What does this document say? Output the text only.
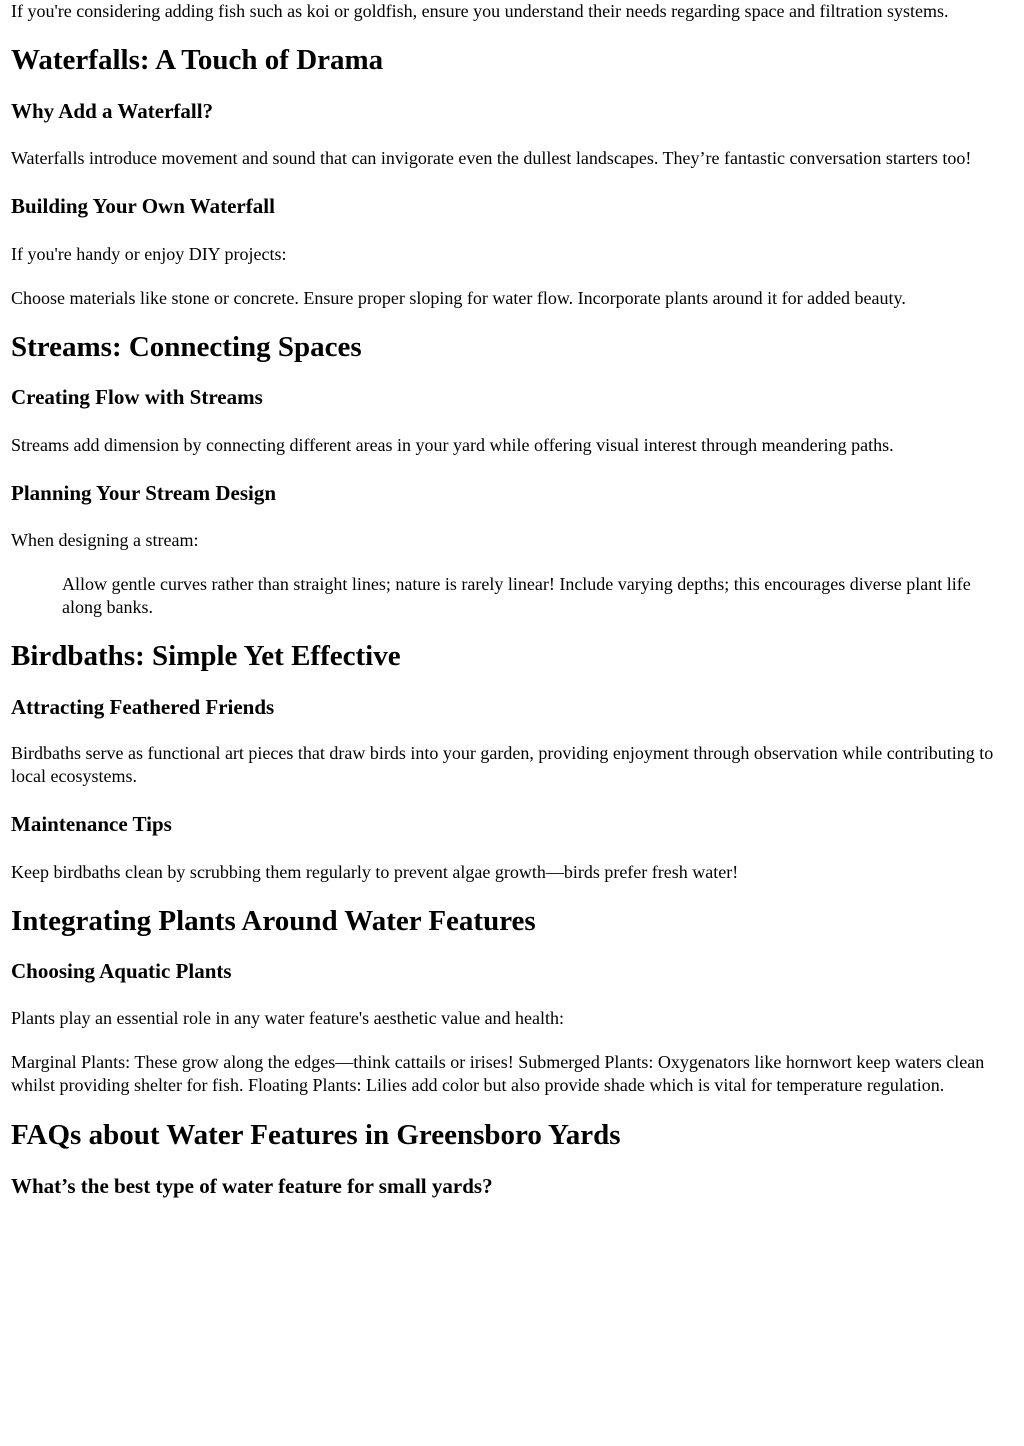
If you're considering adding fish such as koi or goldfish, ensure you understand their needs regarding space and filtration systems.

Waterfalls: A Touch of Drama
Why Add a Waterfall?

Waterfalls introduce movement and sound that can invigorate even the dullest landscapes. They’re fantastic conversation starters too!

Building Your Own Waterfall

If you're handy or enjoy DIY projects:

Choose materials like stone or concrete. Ensure proper sloping for water flow. Incorporate plants around it for added beauty.

Streams: Connecting Spaces
Creating Flow with Streams

Streams add dimension by connecting different areas in your yard while offering visual interest through meandering paths.

Planning Your Stream Design

When designing a stream:

Allow gentle curves rather than straight lines; nature is rarely linear! Include varying depths; this encourages diverse plant life along banks.
Birdbaths: Simple Yet Effective
Attracting Feathered Friends

Birdbaths serve as functional art pieces that draw birds into your garden, providing enjoyment through observation while contributing to local ecosystems.

Maintenance Tips

Keep birdbaths clean by scrubbing them regularly to prevent algae growth—birds prefer fresh water!

Integrating Plants Around Water Features
Choosing Aquatic Plants

Plants play an essential role in any water feature's aesthetic value and health:

Marginal Plants: These grow along the edges—think cattails or irises! Submerged Plants: Oxygenators like hornwort keep waters clean whilst providing shelter for fish. Floating Plants: Lilies add color but also provide shade which is vital for temperature regulation.

FAQs about Water Features in Greensboro Yards
What’s the best type of water feature for small yards?
